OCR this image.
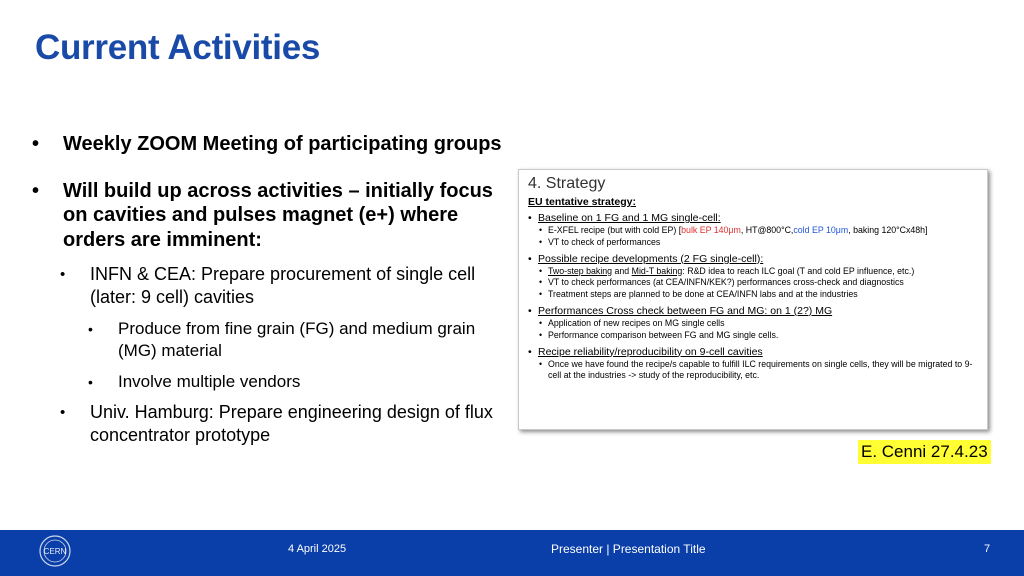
Current Activities
• Weekly ZOOM Meeting of participating groups
• Will build up across activities – initially focus on cavities and pulses magnet (e+) where orders are imminent:
• INFN & CEA: Prepare procurement of single cell (later: 9 cell) cavities
• Produce from fine grain (FG) and medium grain (MG) material
• Involve multiple vendors
• Univ. Hamburg: Prepare engineering design of flux concentrator prototype
4. Strategy
EU tentative strategy:
• Baseline on 1 FG and 1 MG single-cell:
• E-XFEL recipe (but with cold EP) [bulk EP 140μm, HT@800°C,cold EP 10μm, baking 120°Cx48h]
• VT to check of performances
• Possible recipe developments (2 FG single-cell):
• Two-step baking and Mid-T baking: R&D idea to reach ILC goal (T and cold EP influence, etc.)
• VT to check performances (at CEA/INFN/KEK?) performances cross-check and diagnostics
• Treatment steps are planned to be done at CEA/INFN labs and at the industries
• Performances Cross check between FG and MG: on 1 (2?) MG
• Application of new recipes on MG single cells
• Performance comparison between FG and MG single cells.
• Recipe reliability/reproducibility on 9-cell cavities
• Once we have found the recipe/s capable to fulfill ILC requirements on single cells, they will be migrated to 9-cell at the industries -> study of the reproducibility, etc.
E. Cenni 27.4.23
CERN	4 April 2025	Presenter | Presentation Title	7
